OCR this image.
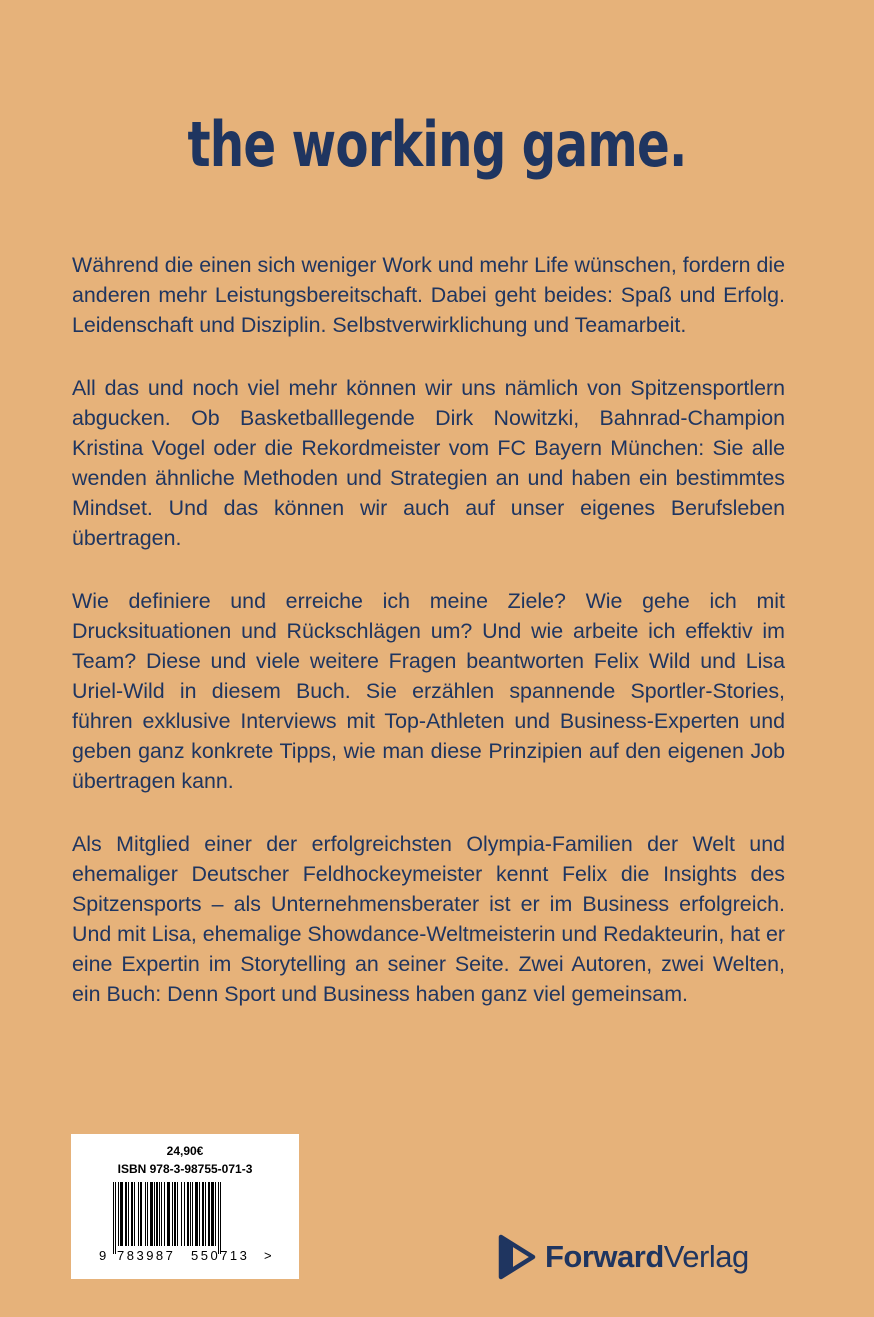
the working game.

Während die einen sich weniger Work und mehr Life wünschen, fordern die anderen mehr Leistungsbereitschaft. Dabei geht beides: Spaß und Erfolg. Leidenschaft und Disziplin. Selbstverwirklichung und Teamarbeit.

All das und noch viel mehr können wir uns nämlich von Spitzensportlern abgucken. Ob Basketballlegende Dirk Nowitzki, Bahnrad-Champion Kristina Vogel oder die Rekordmeister vom FC Bayern München: Sie alle wenden ähnliche Methoden und Strategien an und haben ein bestimmtes Mindset. Und das können wir auch auf unser eigenes Berufsleben übertragen.

Wie definiere und erreiche ich meine Ziele? Wie gehe ich mit Drucksituationen und Rückschlägen um? Und wie arbeite ich effektiv im Team? Diese und viele weitere Fragen beantworten Felix Wild und Lisa Uriel-Wild in diesem Buch. Sie erzählen spannende Sportler-Stories, führen exklusive Interviews mit Top-Athleten und Business-Experten und geben ganz konkrete Tipps, wie man diese Prinzipien auf den eigenen Job übertragen kann.

Als Mitglied einer der erfolgreichsten Olympia-Familien der Welt und ehemaliger Deutscher Feldhockeymeister kennt Felix die Insights des Spitzensports – als Unternehmensberater ist er im Business erfolgreich. Und mit Lisa, ehemalige Showdance-Weltmeisterin und Redakteurin, hat er eine Expertin im Storytelling an seiner Seite. Zwei Autoren, zwei Welten, ein Buch: Denn Sport und Business haben ganz viel gemeinsam.

24,90€
ISBN 978-3-98755-071-3
9 783987 550713 >	ForwardVerlag
